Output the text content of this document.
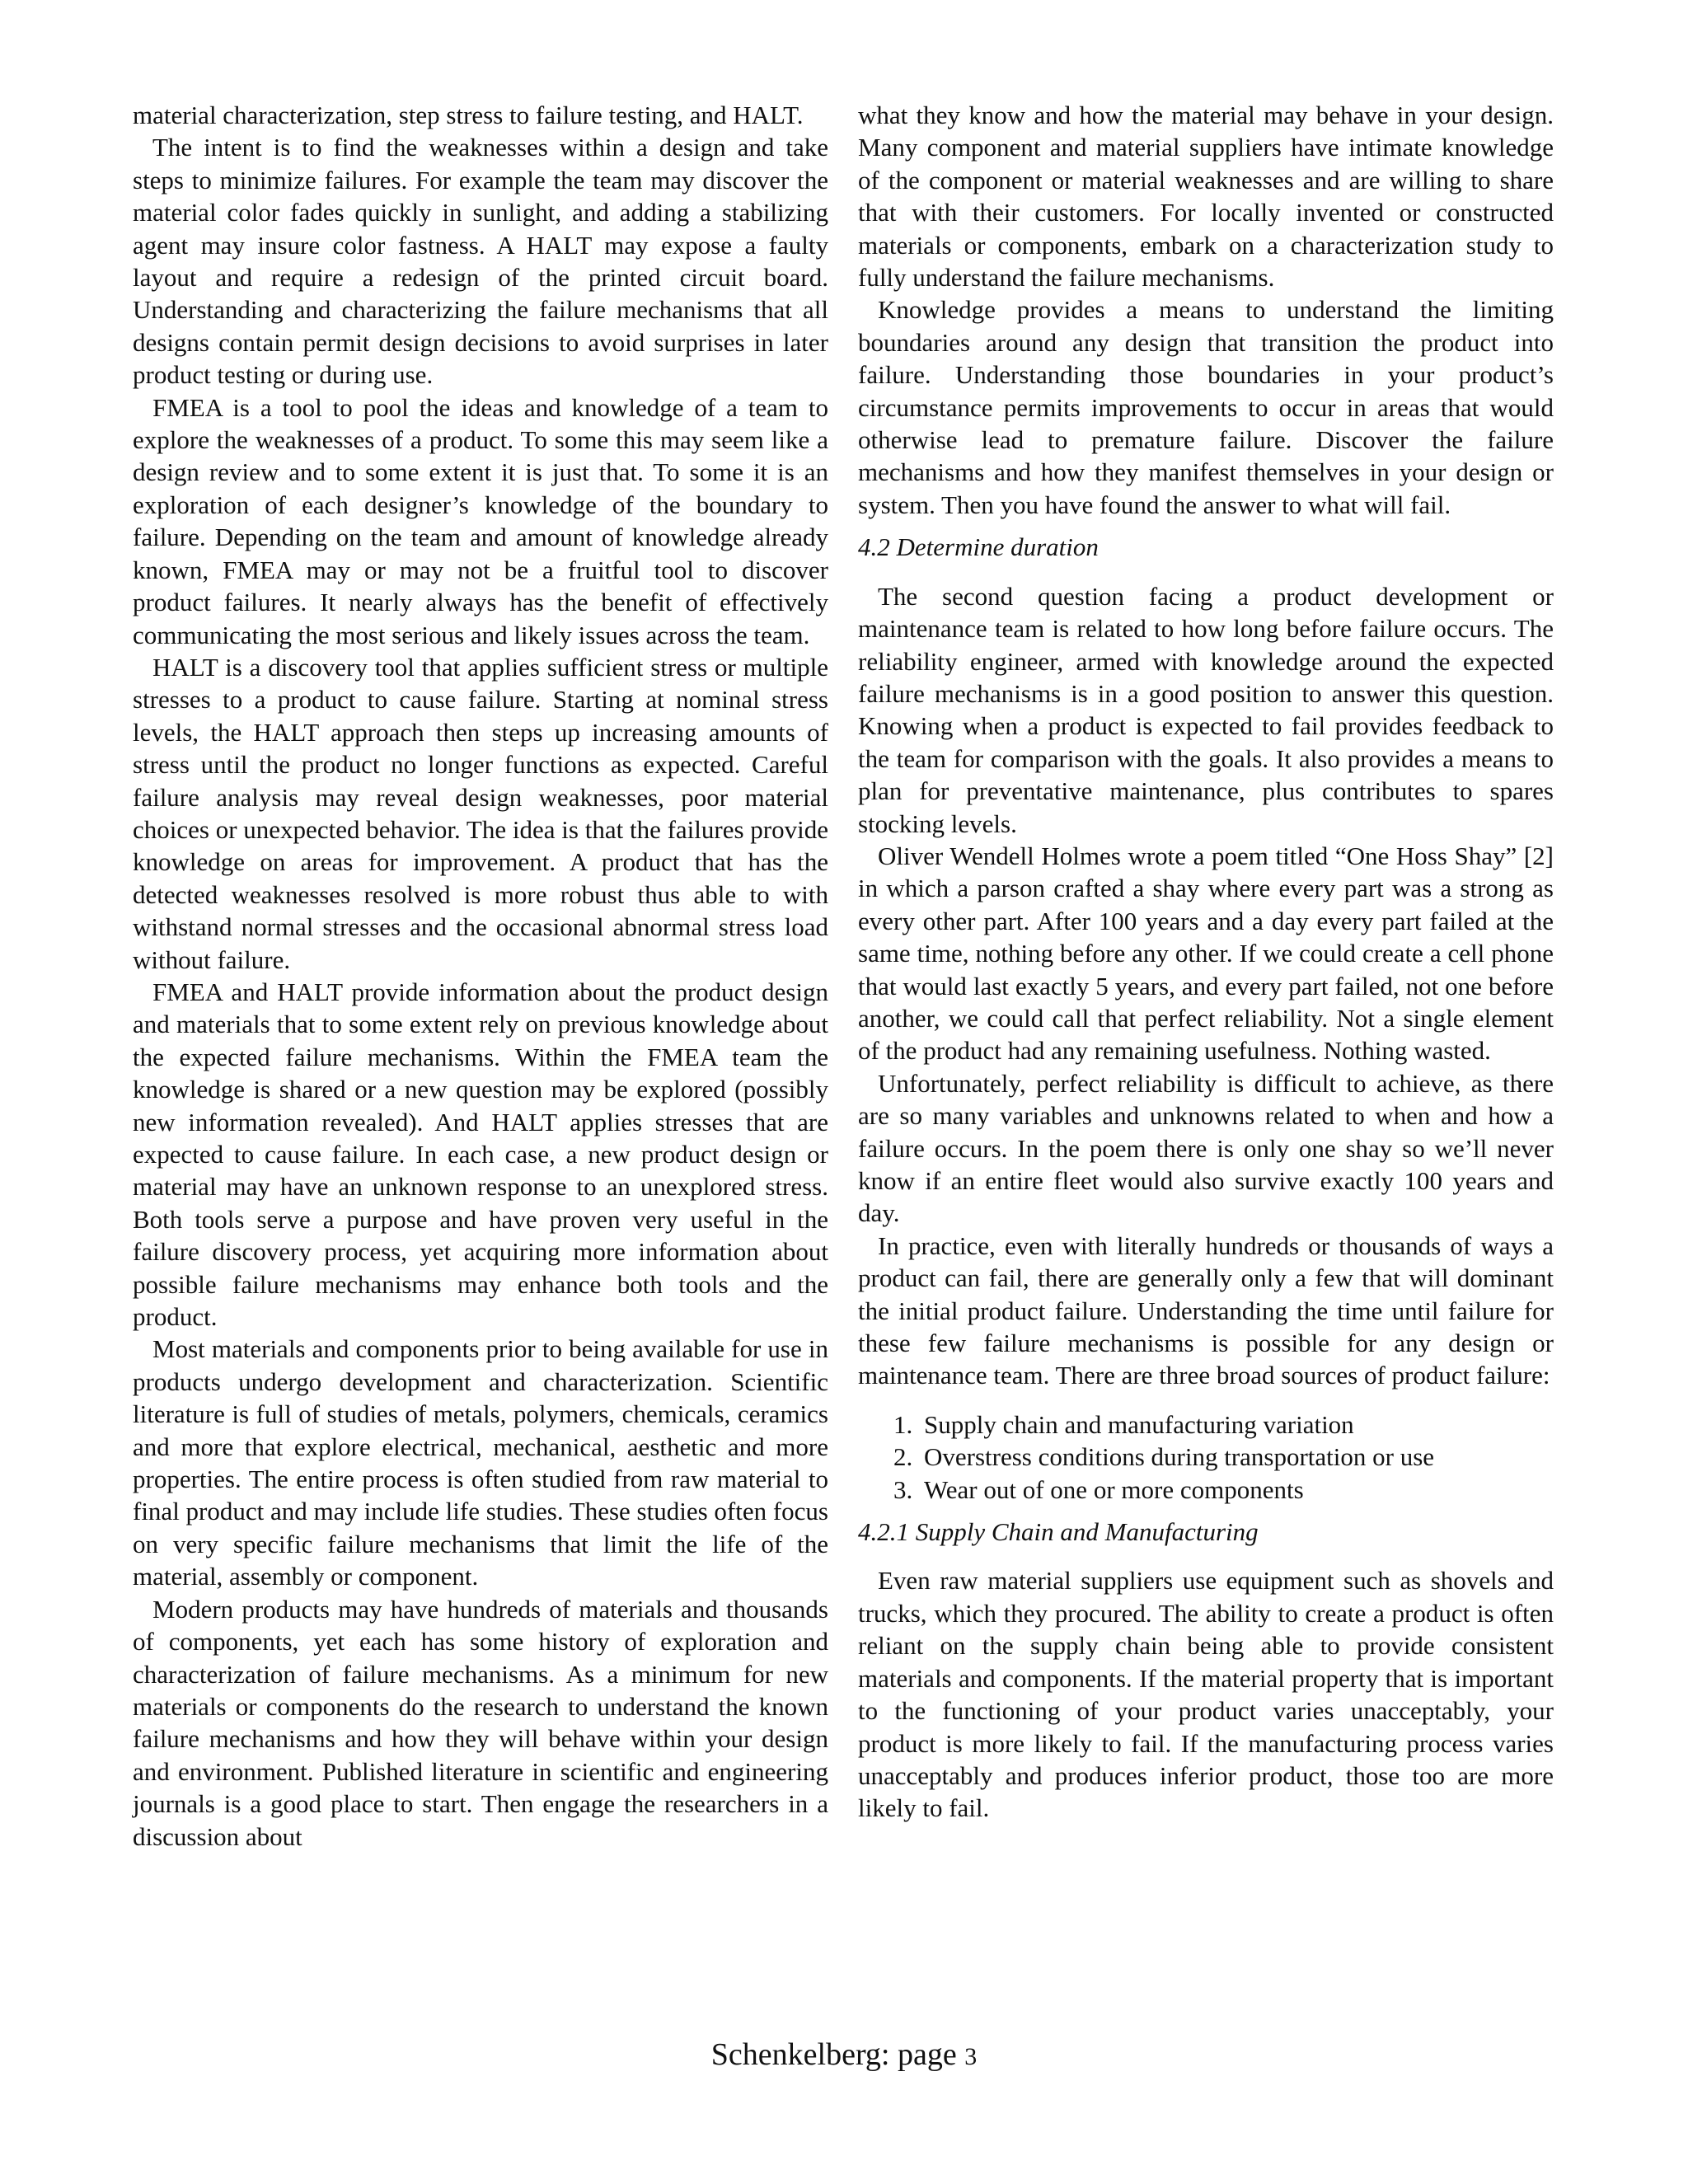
material characterization, step stress to failure testing, and HALT.

The intent is to find the weaknesses within a design and take steps to minimize failures. For example the team may discover the material color fades quickly in sunlight, and adding a stabilizing agent may insure color fastness. A HALT may expose a faulty layout and require a redesign of the printed circuit board. Understanding and characterizing the failure mechanisms that all designs contain permit design decisions to avoid surprises in later product testing or during use.

FMEA is a tool to pool the ideas and knowledge of a team to explore the weaknesses of a product. To some this may seem like a design review and to some extent it is just that. To some it is an exploration of each designer’s knowledge of the boundary to failure. Depending on the team and amount of knowledge already known, FMEA may or may not be a fruitful tool to discover product failures. It nearly always has the benefit of effectively communicating the most serious and likely issues across the team.

HALT is a discovery tool that applies sufficient stress or multiple stresses to a product to cause failure. Starting at nominal stress levels, the HALT approach then steps up increasing amounts of stress until the product no longer functions as expected. Careful failure analysis may reveal design weaknesses, poor material choices or unexpected behavior. The idea is that the failures provide knowledge on areas for improvement. A product that has the detected weaknesses resolved is more robust thus able to with withstand normal stresses and the occasional abnormal stress load without failure.

FMEA and HALT provide information about the product design and materials that to some extent rely on previous knowledge about the expected failure mechanisms. Within the FMEA team the knowledge is shared or a new question may be explored (possibly new information revealed). And HALT applies stresses that are expected to cause failure. In each case, a new product design or material may have an unknown response to an unexplored stress. Both tools serve a purpose and have proven very useful in the failure discovery process, yet acquiring more information about possible failure mechanisms may enhance both tools and the product.

Most materials and components prior to being available for use in products undergo development and characterization. Scientific literature is full of studies of metals, polymers, chemicals, ceramics and more that explore electrical, mechanical, aesthetic and more properties. The entire process is often studied from raw material to final product and may include life studies. These studies often focus on very specific failure mechanisms that limit the life of the material, assembly or component.

Modern products may have hundreds of materials and thousands of components, yet each has some history of exploration and characterization of failure mechanisms. As a minimum for new materials or components do the research to understand the known failure mechanisms and how they will behave within your design and environment. Published literature in scientific and engineering journals is a good place to start. Then engage the researchers in a discussion about

what they know and how the material may behave in your design. Many component and material suppliers have intimate knowledge of the component or material weaknesses and are willing to share that with their customers. For locally invented or constructed materials or components, embark on a characterization study to fully understand the failure mechanisms.

Knowledge provides a means to understand the limiting boundaries around any design that transition the product into failure. Understanding those boundaries in your product’s circumstance permits improvements to occur in areas that would otherwise lead to premature failure. Discover the failure mechanisms and how they manifest themselves in your design or system. Then you have found the answer to what will fail.

4.2 Determine duration

The second question facing a product development or maintenance team is related to how long before failure occurs. The reliability engineer, armed with knowledge around the expected failure mechanisms is in a good position to answer this question. Knowing when a product is expected to fail provides feedback to the team for comparison with the goals. It also provides a means to plan for preventative maintenance, plus contributes to spares stocking levels.

Oliver Wendell Holmes wrote a poem titled “One Hoss Shay” [2] in which a parson crafted a shay where every part was a strong as every other part. After 100 years and a day every part failed at the same time, nothing before any other. If we could create a cell phone that would last exactly 5 years, and every part failed, not one before another, we could call that perfect reliability. Not a single element of the product had any remaining usefulness. Nothing wasted.

Unfortunately, perfect reliability is difficult to achieve, as there are so many variables and unknowns related to when and how a failure occurs. In the poem there is only one shay so we’ll never know if an entire fleet would also survive exactly 100 years and day.

In practice, even with literally hundreds or thousands of ways a product can fail, there are generally only a few that will dominant the initial product failure. Understanding the time until failure for these few failure mechanisms is possible for any design or maintenance team. There are three broad sources of product failure:

1. Supply chain and manufacturing variation
2. Overstress conditions during transportation or use
3. Wear out of one or more components
4.2.1 Supply Chain and Manufacturing

Even raw material suppliers use equipment such as shovels and trucks, which they procured. The ability to create a product is often reliant on the supply chain being able to provide consistent materials and components. If the material property that is important to the functioning of your product varies unacceptably, your product is more likely to fail. If the manufacturing process varies unacceptably and produces inferior product, those too are more likely to fail.

Schenkelberg: page 3
